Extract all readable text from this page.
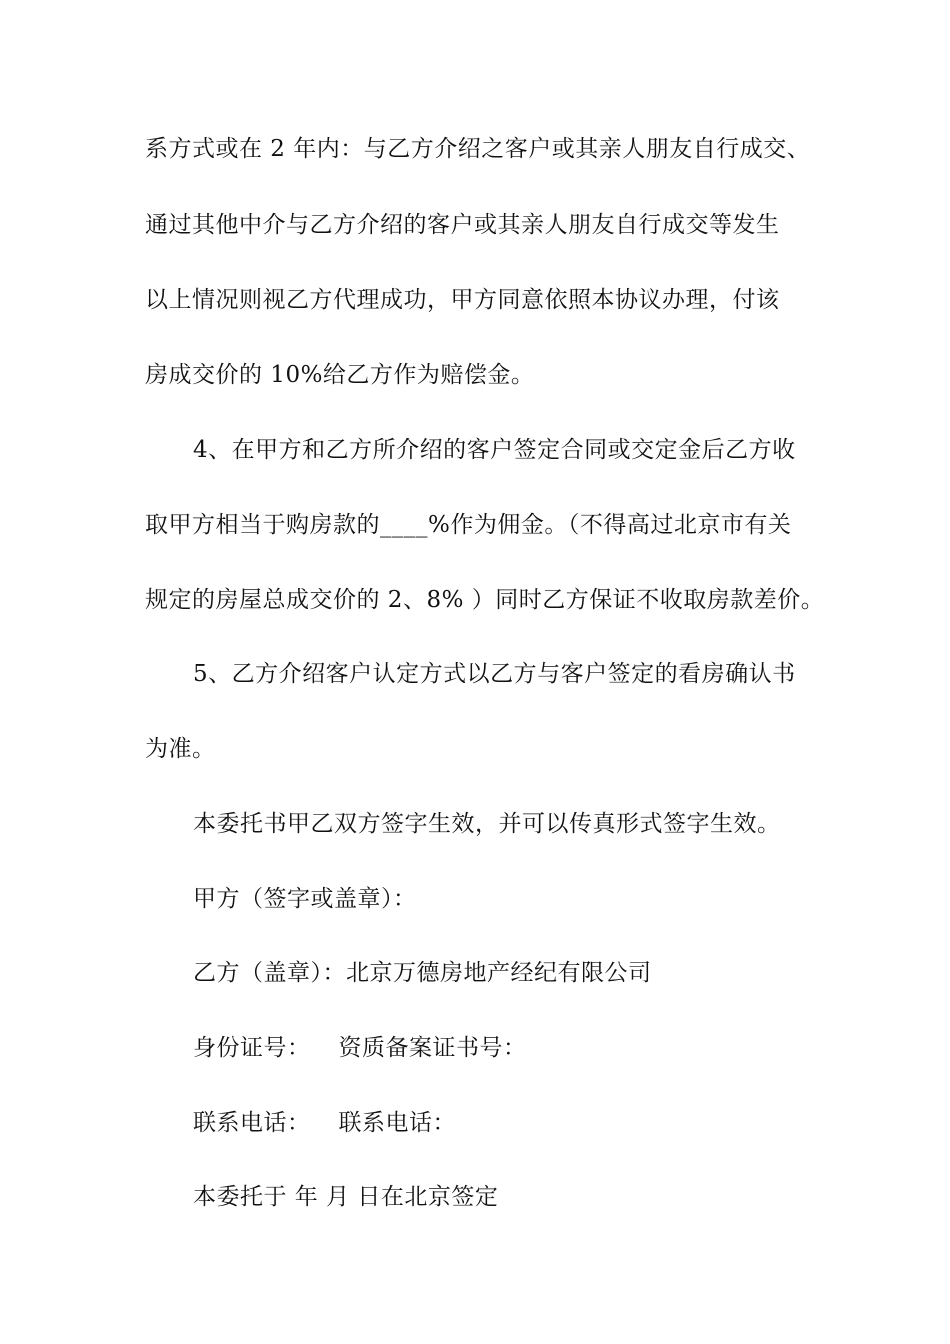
系方式或在 2 年内：与乙方介绍之客户或其亲人朋友自行成交、
通过其他中介与乙方介绍的客户或其亲人朋友自行成交等发生
以上情况则视乙方代理成功，甲方同意依照本协议办理，付该
房成交价的 10%给乙方作为赔偿金。
4、在甲方和乙方所介绍的客户签定合同或交定金后乙方收
取甲方相当于购房款的____%作为佣金。（不得高过北京市有关
规定的房屋总成交价的 2、8% ）同时乙方保证不收取房款差价。
5、乙方介绍客户认定方式以乙方与客户签定的看房确认书
为准。
本委托书甲乙双方签字生效，并可以传真形式签字生效。
甲方（签字或盖章）：
乙方（盖章）：北京万德房地产经纪有限公司
身份证号： 资质备案证书号：
联系电话： 联系电话：
本委托于 年 月 日在北京签定
